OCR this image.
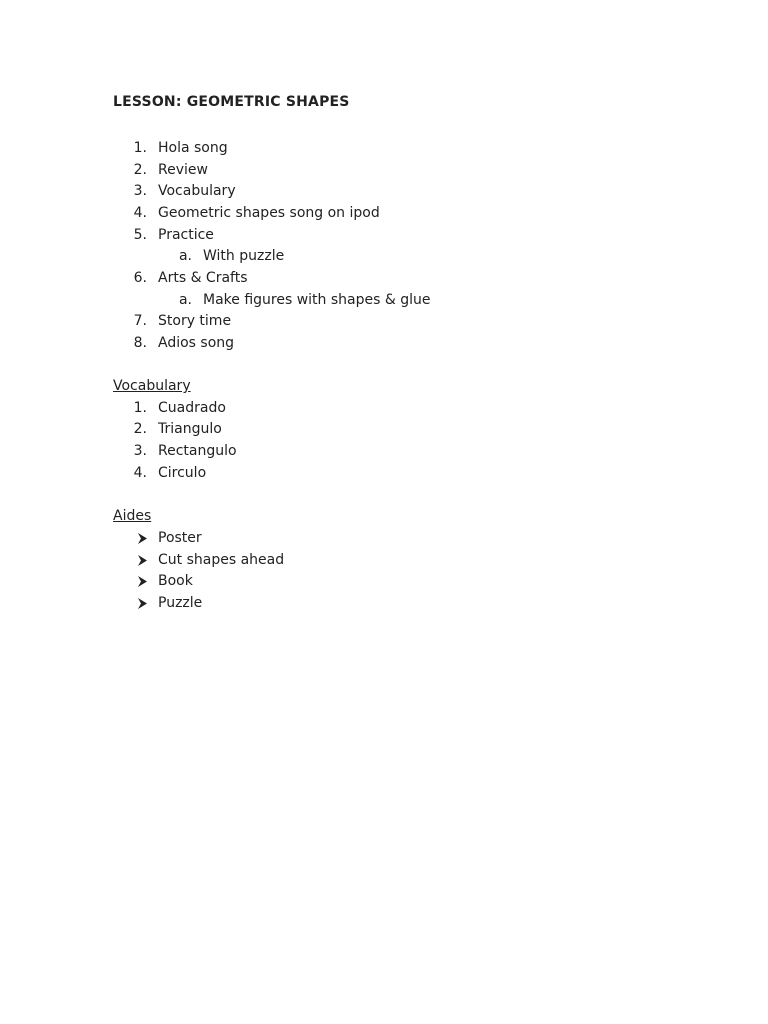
LESSON: GEOMETRIC SHAPES
1. Hola song
2. Review
3. Vocabulary
4. Geometric shapes song on ipod
5. Practice
a. With puzzle
6. Arts & Crafts
a. Make figures with shapes & glue
7. Story time
8. Adios song
Vocabulary
1. Cuadrado
2. Triangulo
3. Rectangulo
4. Circulo
Aides
Poster
Cut shapes ahead
Book
Puzzle
